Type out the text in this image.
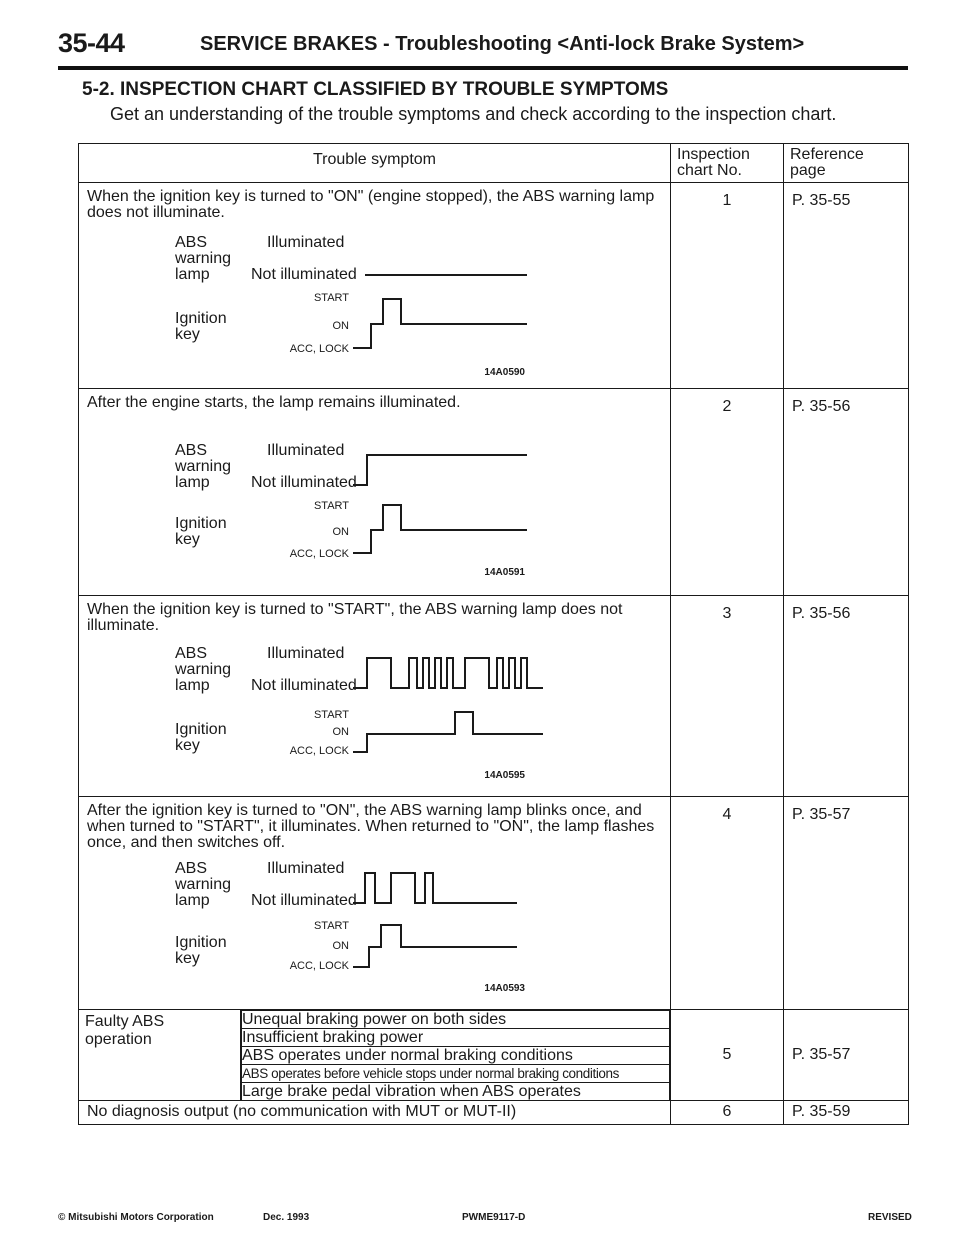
35-44	SERVICE BRAKES - Troubleshooting <Anti-lock Brake System>
5-2. INSPECTION CHART CLASSIFIED BY TROUBLE SYMPTOMS
Get an understanding of the trouble symptoms and check according to the inspection chart.
Trouble symptom	Inspection chart No.	Reference page

When the ignition key is turned to "ON" (engine stopped), the ABS warning lamp does not illuminate.
ABS
warning
lamp
Illuminated
Not illuminated
Ignition
key
START
ON
ACC, LOCK
14A0590
	1	P. 35-55

After the engine starts, the lamp remains illuminated.
ABS
warning
lamp
Illuminated
Not illuminated
Ignition
key
START
ON
ACC, LOCK
14A0591
	2	P. 35-56

When the ignition key is turned to "START", the ABS warning lamp does not illuminate.
ABS
warning
lamp
Illuminated
Not illuminated
Ignition
key
START
ON
ACC, LOCK
14A0595
	3	P. 35-56

After the ignition key is turned to "ON", the ABS warning lamp blinks once, and when turned to "START", it illuminates. When returned to "ON", the lamp flashes once, and then switches off.
ABS
warning
lamp
Illuminated
Not illuminated
Ignition
key
START
ON
ACC, LOCK
14A0593
	4	P. 35-57
Faulty ABS operation	
Unequal braking power on both sides
Insufficient braking power
ABS operates under normal braking conditions
ABS operates before vehicle stops under normal braking conditions
Large brake pedal vibration when ABS operates
	5	P. 35-57
No diagnosis output (no communication with MUT or MUT-II)	6	P. 35-59
© Mitsubishi Motors Corporation	Dec. 1993	PWME9117-D	REVISED
